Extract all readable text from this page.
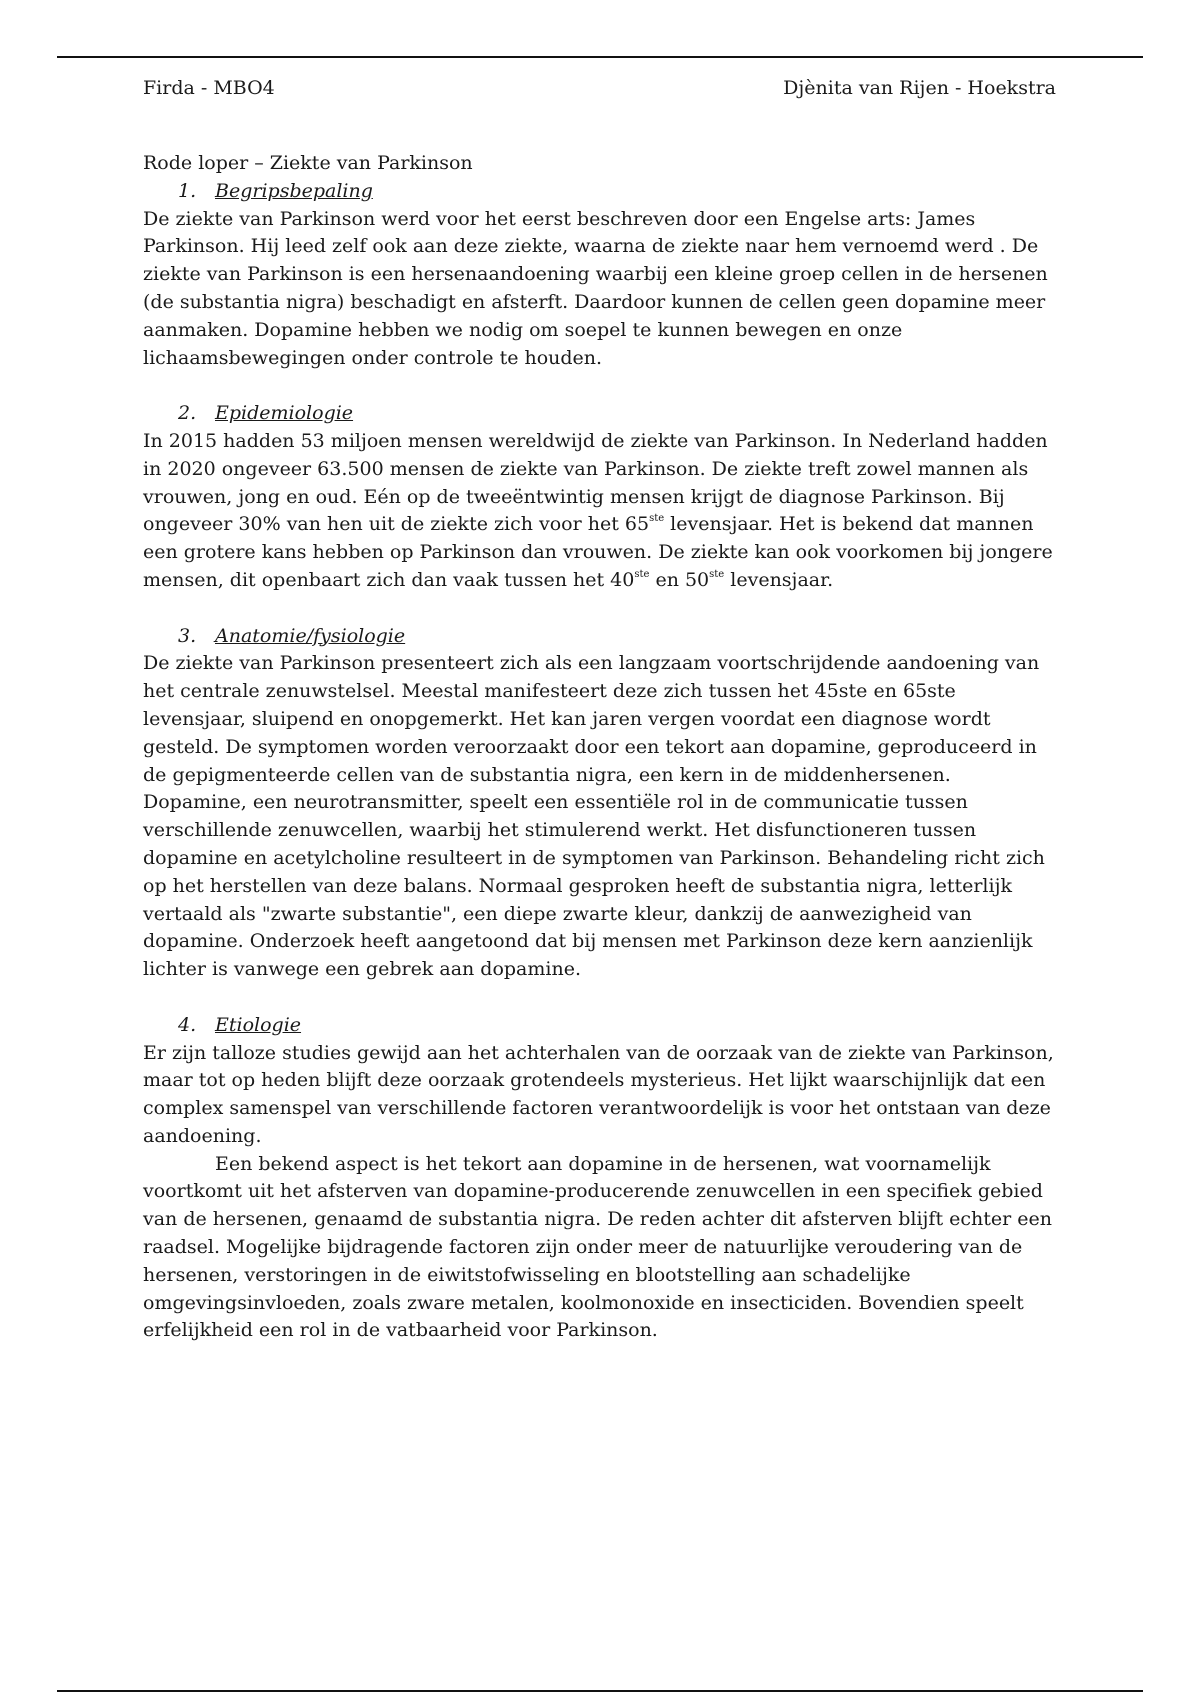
Firda - MBO4	Djènita van Rijen - Hoekstra
Rode loper – Ziekte van Parkinson

1. Begripsbepaling

De ziekte van Parkinson werd voor het eerst beschreven door een Engelse arts: James Parkinson. Hij leed zelf ook aan deze ziekte, waarna de ziekte naar hem vernoemd werd . De ziekte van Parkinson is een hersenaandoening waarbij een kleine groep cellen in de hersenen (de substantia nigra) beschadigt en afsterft. Daardoor kunnen de cellen geen dopamine meer aanmaken. Dopamine hebben we nodig om soepel te kunnen bewegen en onze lichaamsbewegingen onder controle te houden.

2. Epidemiologie

In 2015 hadden 53 miljoen mensen wereldwijd de ziekte van Parkinson. In Nederland hadden in 2020 ongeveer 63.500 mensen de ziekte van Parkinson. De ziekte treft zowel mannen als vrouwen, jong en oud. Eén op de tweeëntwintig mensen krijgt de diagnose Parkinson. Bij ongeveer 30% van hen uit de ziekte zich voor het 65ste levensjaar. Het is bekend dat mannen een grotere kans hebben op Parkinson dan vrouwen. De ziekte kan ook voorkomen bij jongere mensen, dit openbaart zich dan vaak tussen het 40ste en 50ste levensjaar.

3. Anatomie/fysiologie

De ziekte van Parkinson presenteert zich als een langzaam voortschrijdende aandoening van het centrale zenuwstelsel. Meestal manifesteert deze zich tussen het 45ste en 65ste levensjaar, sluipend en onopgemerkt. Het kan jaren vergen voordat een diagnose wordt gesteld. De symptomen worden veroorzaakt door een tekort aan dopamine, geproduceerd in de gepigmenteerde cellen van de substantia nigra, een kern in de middenhersenen. Dopamine, een neurotransmitter, speelt een essentiële rol in de communicatie tussen verschillende zenuwcellen, waarbij het stimulerend werkt. Het disfunctioneren tussen dopamine en acetylcholine resulteert in de symptomen van Parkinson. Behandeling richt zich op het herstellen van deze balans. Normaal gesproken heeft de substantia nigra, letterlijk vertaald als "zwarte substantie", een diepe zwarte kleur, dankzij de aanwezigheid van dopamine. Onderzoek heeft aangetoond dat bij mensen met Parkinson deze kern aanzienlijk lichter is vanwege een gebrek aan dopamine.

4. Etiologie

Er zijn talloze studies gewijd aan het achterhalen van de oorzaak van de ziekte van Parkinson, maar tot op heden blijft deze oorzaak grotendeels mysterieus. Het lijkt waarschijnlijk dat een complex samenspel van verschillende factoren verantwoordelijk is voor het ontstaan van deze aandoening.

Een bekend aspect is het tekort aan dopamine in de hersenen, wat voornamelijk voortkomt uit het afsterven van dopamine-producerende zenuwcellen in een specifiek gebied van de hersenen, genaamd de substantia nigra. De reden achter dit afsterven blijft echter een raadsel. Mogelijke bijdragende factoren zijn onder meer de natuurlijke veroudering van de hersenen, verstoringen in de eiwitstofwisseling en blootstelling aan schadelijke omgevingsinvloeden, zoals zware metalen, koolmonoxide en insecticiden. Bovendien speelt erfelijkheid een rol in de vatbaarheid voor Parkinson.
